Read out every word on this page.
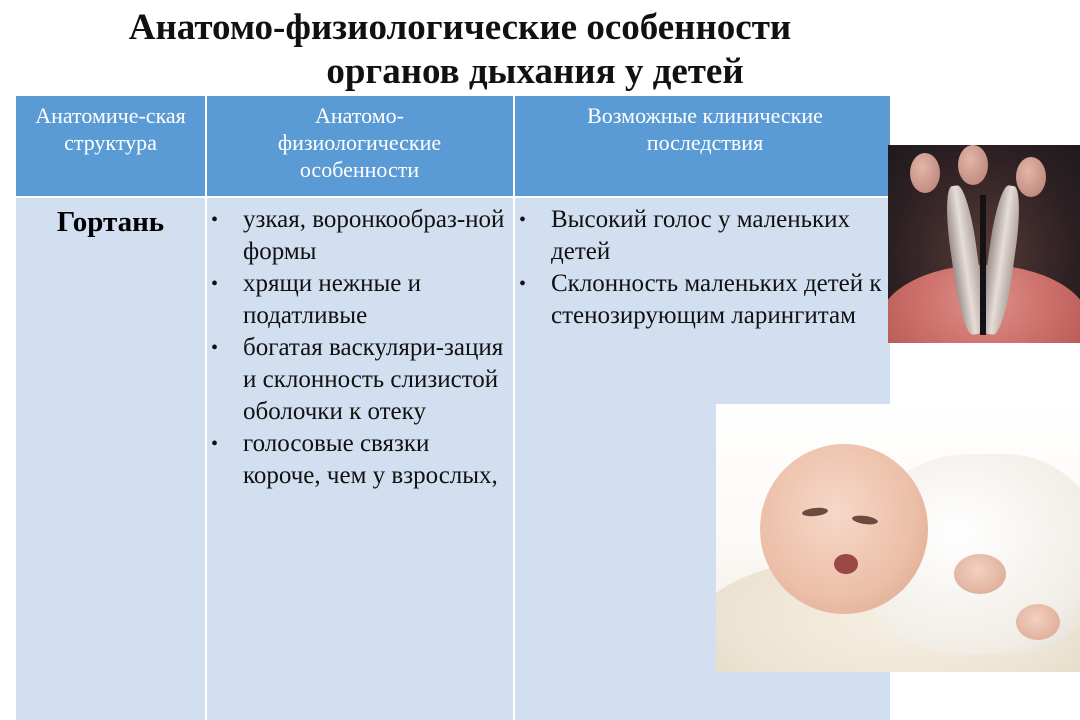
Анатомо-физиологические особенности
органов дыхания у детей
Анатомиче-ская структура
Анатомо-физиологические особенности
Возможные клинические последствия
Гортань	• узкая, воронкообраз-ной формы
• хрящи нежные и податливые
• богатая васкуляри-зация и склонность слизистой оболочки к отеку
• голосовые связки короче, чем у взрослых,
• Высокий голос у маленьких детей
• Склонность маленьких детей к стенозирующим ларингитам
